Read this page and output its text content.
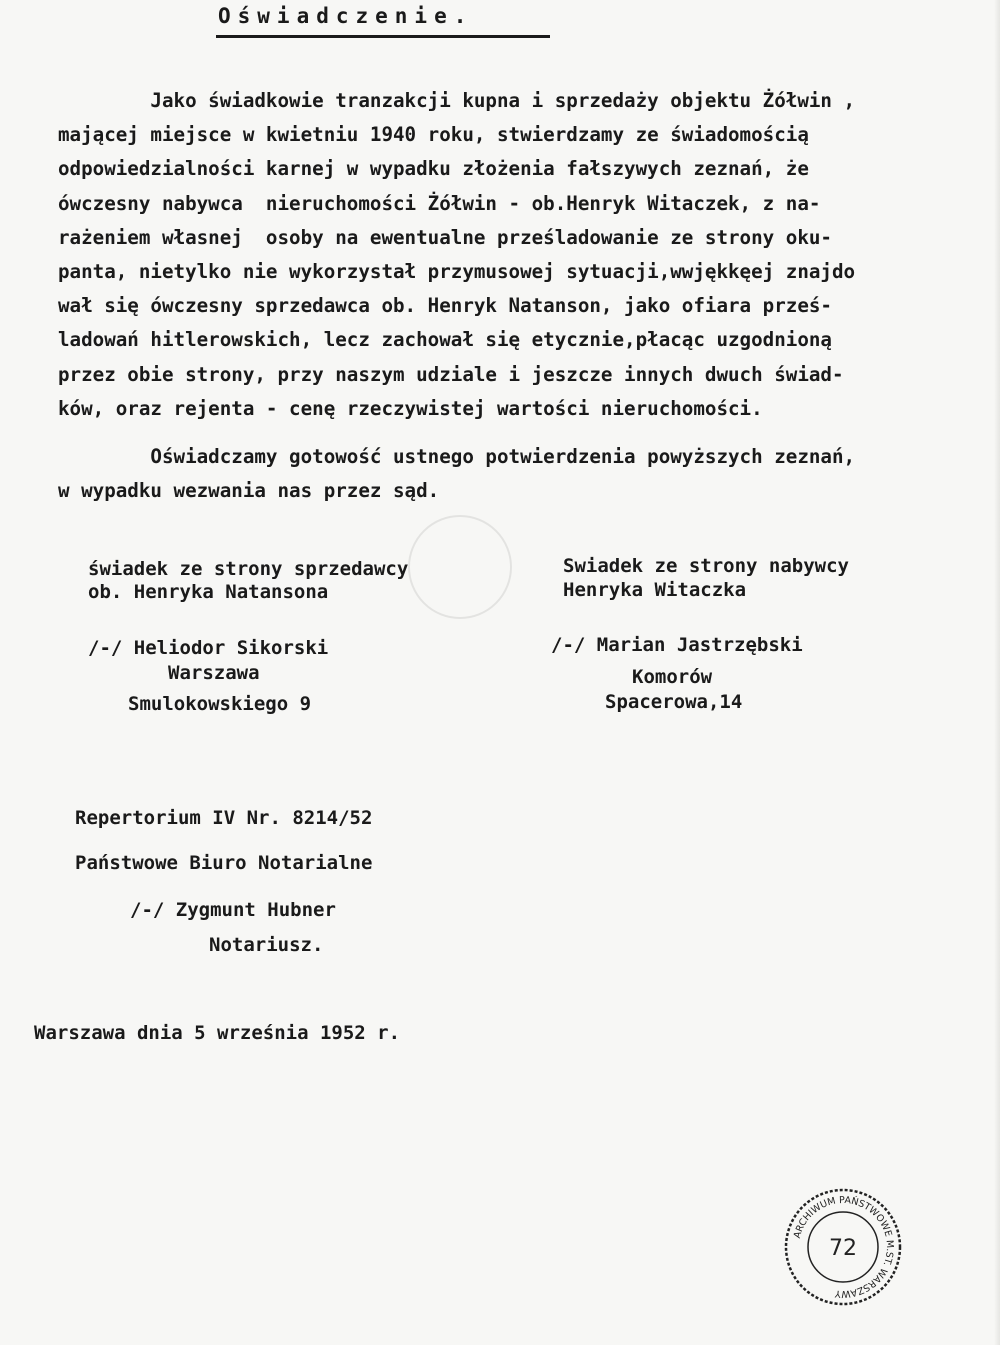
Oświadczenie.
Jako świadkowie tranzakcji kupna i sprzedaży objektu Żółwin ,
mającej miejsce w kwietniu 1940 roku, stwierdzamy ze świadomością
odpowiedzialności karnej w wypadku złożenia fałszywych zeznań, że
ówczesny nabywca  nieruchomości Żółwin - ob.Henryk Witaczek, z na-
rażeniem własnej  osoby na ewentualne prześladowanie ze strony oku-
panta, nietylko nie wykorzystał przymusowej sytuacji,wwjękkęej znajdo
wał się ówczesny sprzedawca ob. Henryk Natanson, jako ofiara prześ-
ladowań hitlerowskich, lecz zachował się etycznie,płacąc uzgodnioną
przez obie strony, przy naszym udziale i jeszcze innych dwuch świad-
ków, oraz rejenta - cenę rzeczywistej wartości nieruchomości.
Oświadczamy gotowość ustnego potwierdzenia powyższych zeznań,
w wypadku wezwania nas przez sąd.
świadek ze strony sprzedawcy
ob. Henryka Natansona
/-/ Heliodor Sikorski
Warszawa
Smulokowskiego 9
Swiadek ze strony nabywcy
Henryka Witaczka
/-/ Marian Jastrzębski
Komorów
Spacerowa,14
Repertorium IV Nr. 8214/52
Państwowe Biuro Notarialne
/-/ Zygmunt Hubner
Notariusz.
Warszawa dnia 5 września 1952 r.
ARCHIWUM PAŃSTWOWE M.ST. WARSZAWY
72
